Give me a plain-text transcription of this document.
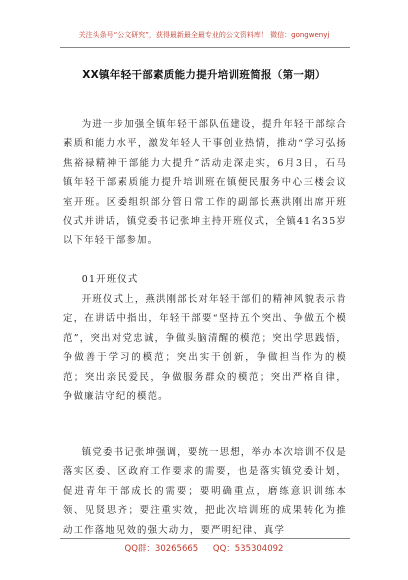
关注头条号“公文研究”，获得最新最全最专业的公文资料库！ 微信：gongwenyj
XX镇年轻干部素质能力提升培训班简报（第一期）

为进一步加强全镇年轻干部队伍建设，提升年轻干部综合素质和能力水平，激发年轻人干事创业热情，推动“学习弘扬焦裕禄精神干部能力大提升”活动走深走实，6月3日，石马镇年轻干部素质能力提升培训班在镇便民服务中心三楼会议室开班。区委组织部分管日常工作的副部长燕洪刚出席开班仪式并讲话，镇党委书记张坤主持开班仪式，全镇41名35岁以下年轻干部参加。

01开班仪式

开班仪式上，燕洪刚部长对年轻干部们的精神风貌表示肯定，在讲话中指出，年轻干部要“坚持五个突出、争做五个模范”，突出对党忠诚，争做头脑清醒的模范；突出学思践悟，争做善于学习的模范；突出实干创新，争做担当作为的模范；突出亲民爱民，争做服务群众的模范；突出严格自律，争做廉洁守纪的模范。

镇党委书记张坤强调，要统一思想，举办本次培训不仅是落实区委、区政府工作要求的需要，也是落实镇党委计划，促进青年干部成长的需要；要明确重点，磨练意识训练本领、见贤思齐；要注重实效，把此次培训班的成果转化为推动工作落地见效的强大动力，要严明纪律、真学

QQ群：30265665 QQ：535304092
